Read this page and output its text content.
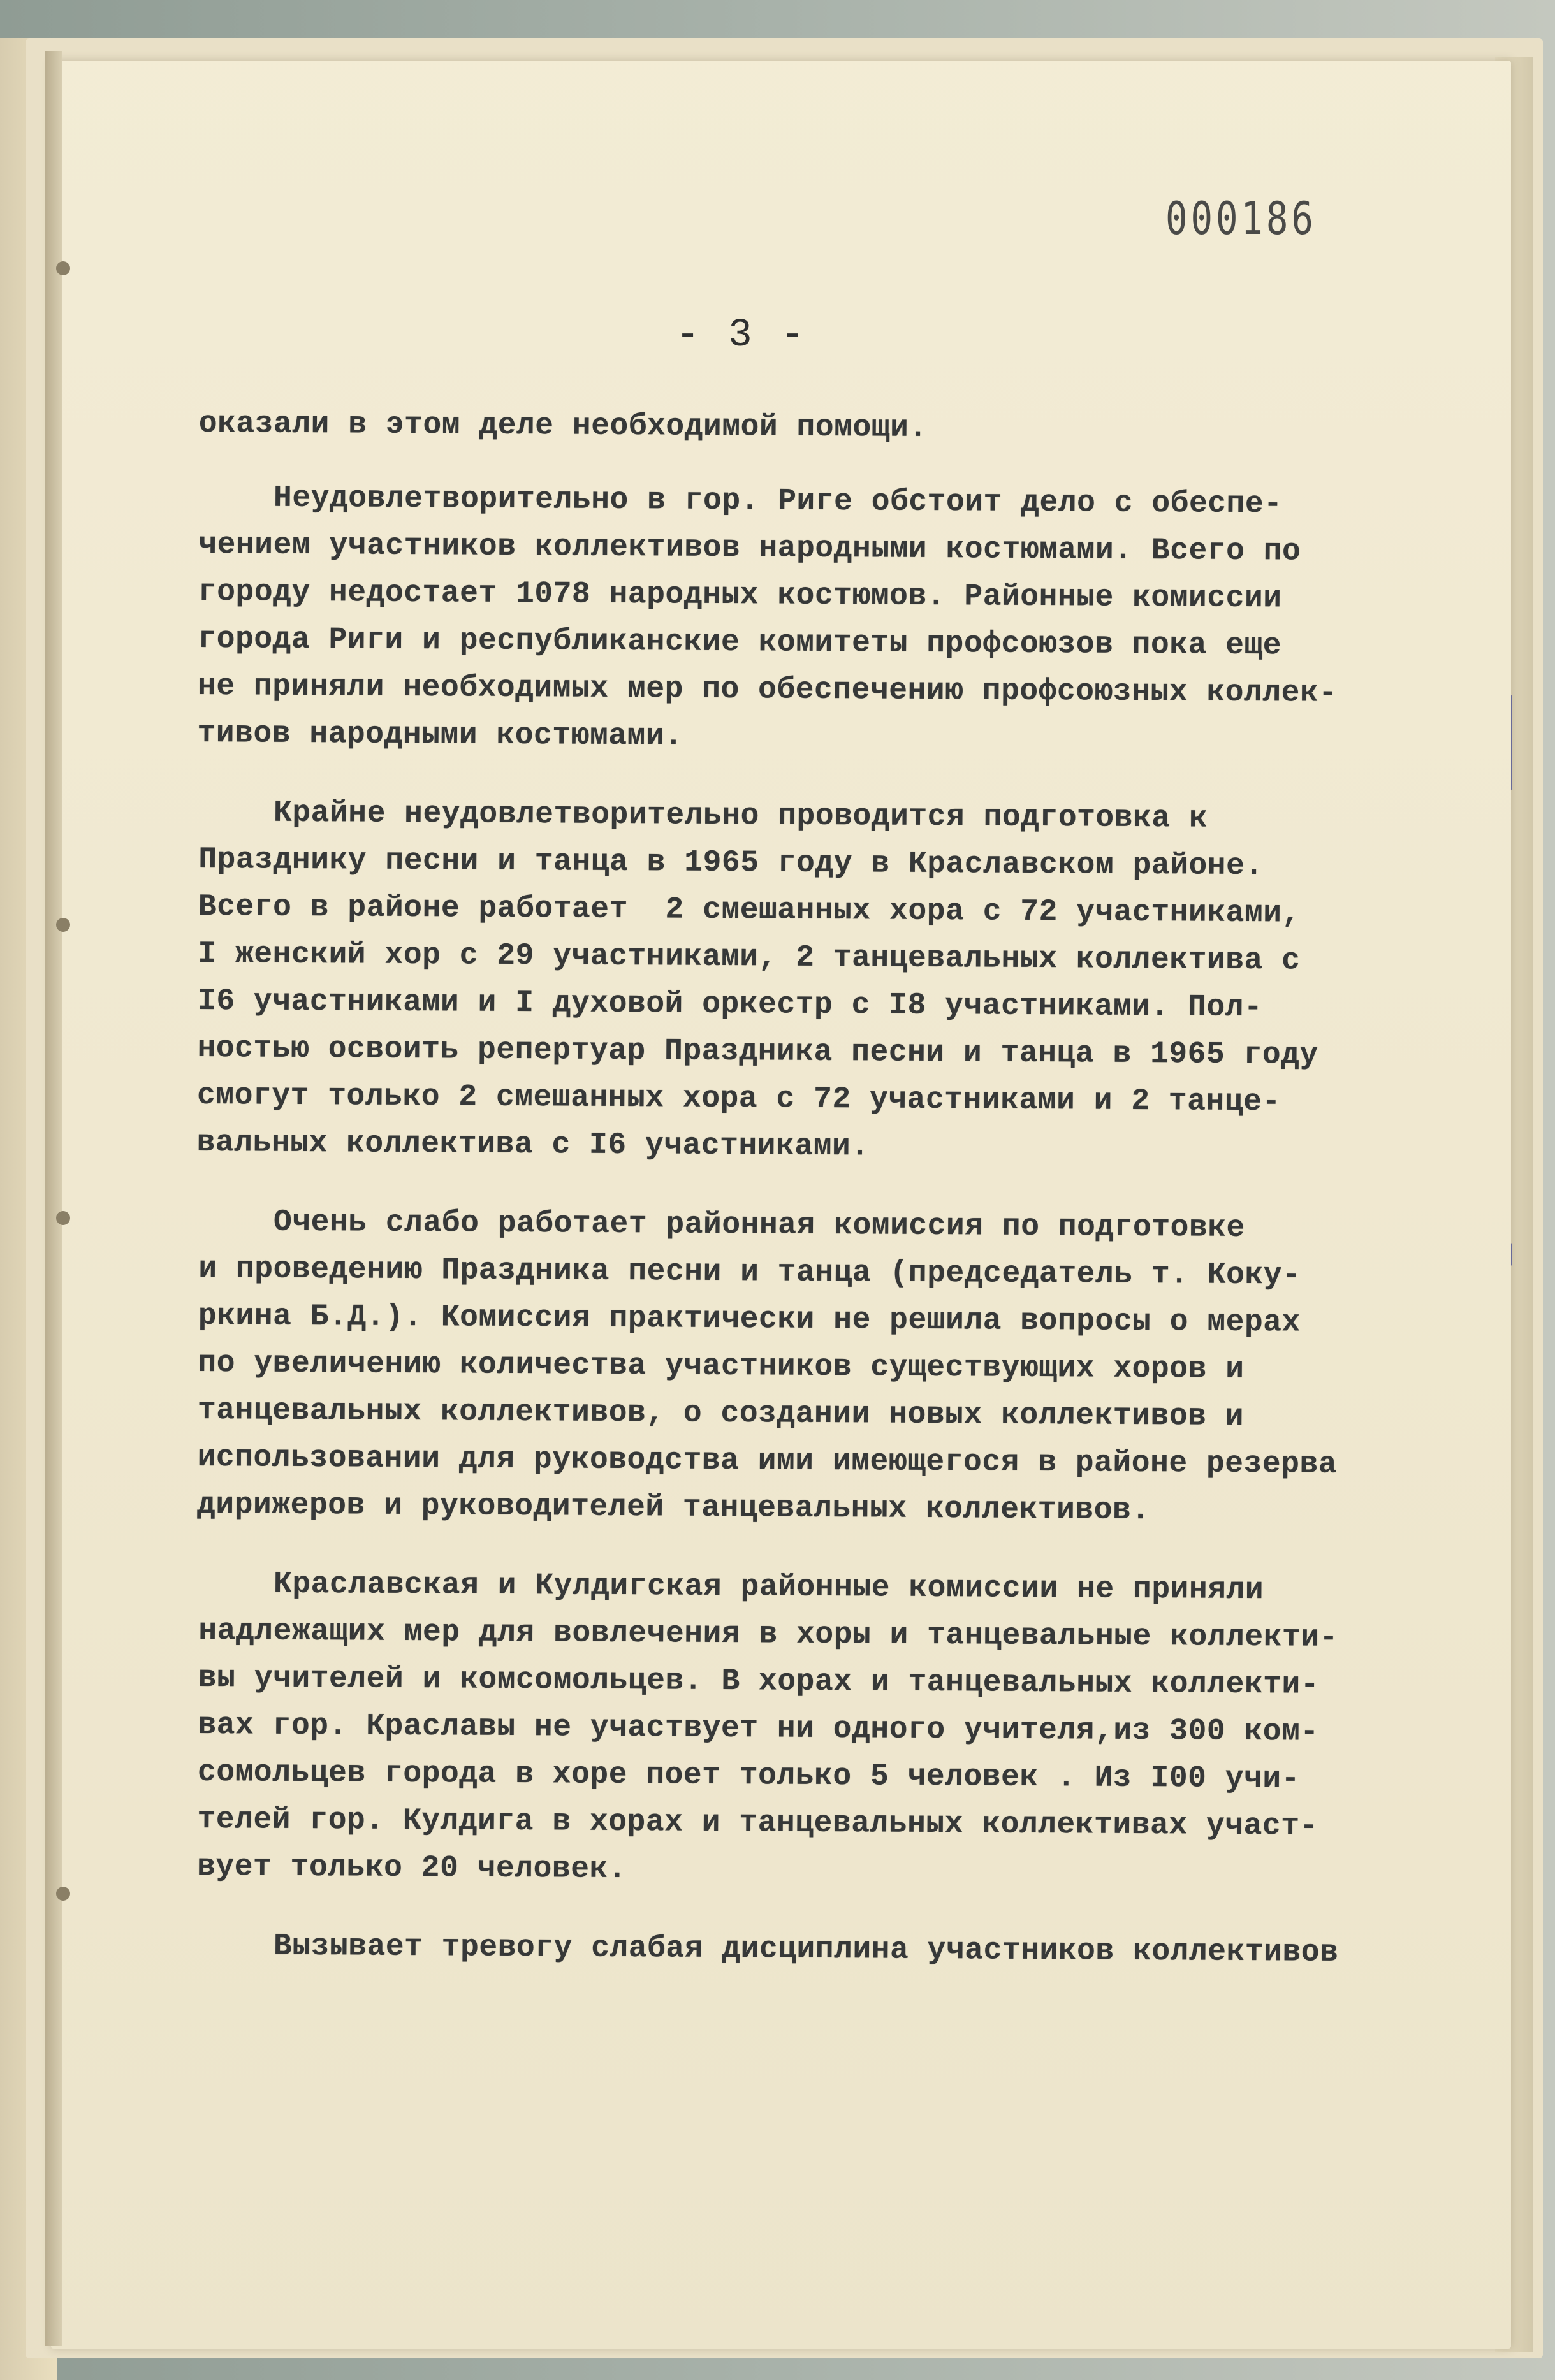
000186
- 3 -

оказали в этом деле необходимой помощи.

Неудовлетворительно в гор. Риге обстоит дело с обеспе-
чением участников коллективов народными костюмами. Всего по
городу недостает 1078 народных костюмов. Районные комиссии
города Риги и республиканские комитеты профсоюзов пока еще
не приняли необходимых мер по обеспечению профсоюзных коллек-
тивов народными костюмами.

Крайне неудовлетворительно проводится подготовка к
Празднику песни и танца в 1965 году в Краславском районе.
Всего в районе работает  2 смешанных хора с 72 участниками,
I женский хор с 29 участниками, 2 танцевальных коллектива с
I6 участниками и I духовой оркестр с I8 участниками. Пол-
ностью освоить репертуар Праздника песни и танца в 1965 году
смогут только 2 смешанных хора с 72 участниками и 2 танце-
вальных коллектива с I6 участниками.

Очень слабо работает районная комиссия по подготовке
и проведению Праздника песни и танца (председатель т. Коку-
ркина Б.Д.). Комиссия практически не решила вопросы о мерах
по увеличению количества участников существующих хоров и
танцевальных коллективов, о создании новых коллективов и
использовании для руководства ими имеющегося в районе резерва
дирижеров и руководителей танцевальных коллективов.

Краславская и Кулдигская районные комиссии не приняли
надлежащих мер для вовлечения в хоры и танцевальные коллекти-
вы учителей и комсомольцев. В хорах и танцевальных коллекти-
вах гор. Краславы не участвует ни одного учителя,из 300 ком-
сомольцев города в хоре поет только 5 человек . Из I00 учи-
телей гор. Кулдига в хорах и танцевальных коллективах участ-
вует только 20 человек.

Вызывает тревогу слабая дисциплина участников коллективов
